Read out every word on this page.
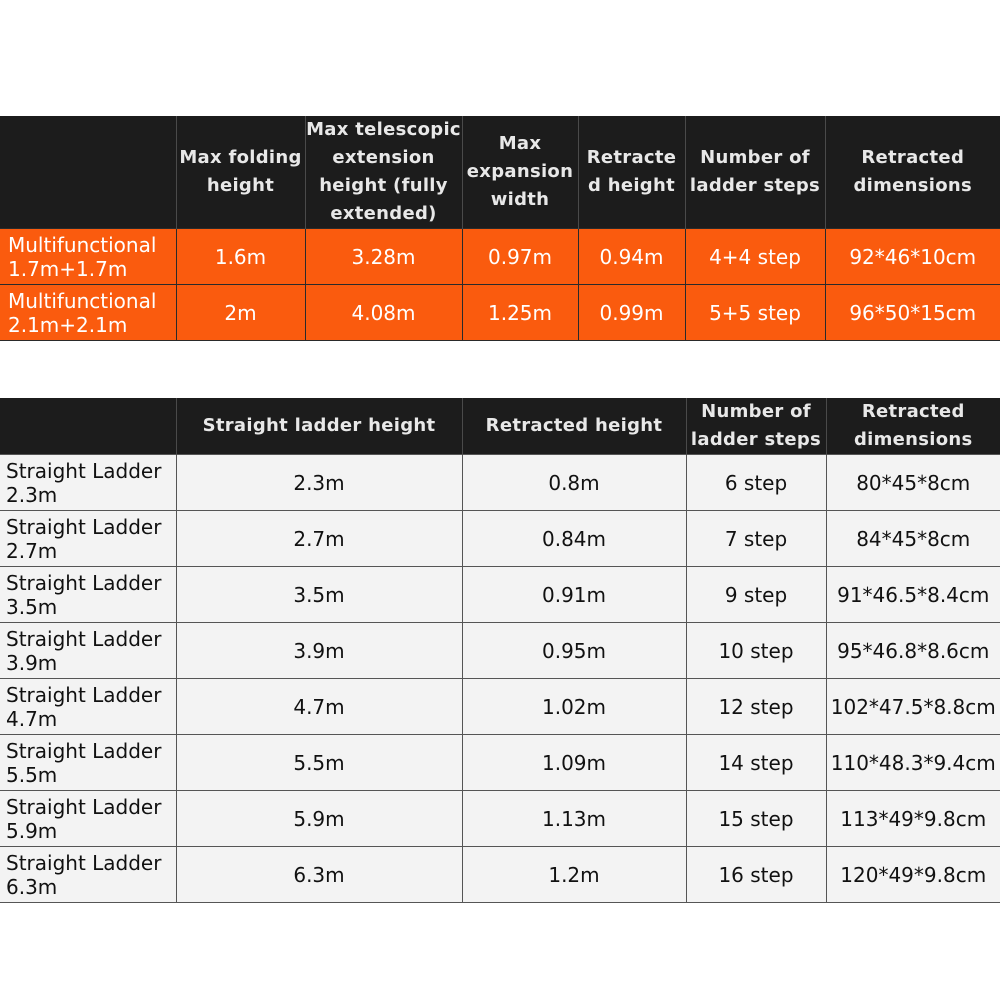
	Max folding
height	Max telescopic
extension
height (fully
extended)	Max
expansion
width	Retracte
d height	Number of
ladder steps	Retracted
dimensions

Multifunctional
1.7m+1.7m	1.6m	3.28m	0.97m	0.94m	4+4 step	92*46*10cm

Multifunctional
2.1m+2.1m	2m	4.08m	1.25m	0.99m	5+5 step	96*50*15cm

	Straight ladder height	Retracted height	Number of
ladder steps	Retracted
dimensions

Straight Ladder
2.3m	2.3m	0.8m	6 step	80*45*8cm

Straight Ladder
2.7m	2.7m	0.84m	7 step	84*45*8cm

Straight Ladder
3.5m	3.5m	0.91m	9 step	91*46.5*8.4cm

Straight Ladder
3.9m	3.9m	0.95m	10 step	95*46.8*8.6cm

Straight Ladder
4.7m	4.7m	1.02m	12 step	102*47.5*8.8cm

Straight Ladder
5.5m	5.5m	1.09m	14 step	110*48.3*9.4cm

Straight Ladder
5.9m	5.9m	1.13m	15 step	113*49*9.8cm

Straight Ladder
6.3m	6.3m	1.2m	16 step	120*49*9.8cm
